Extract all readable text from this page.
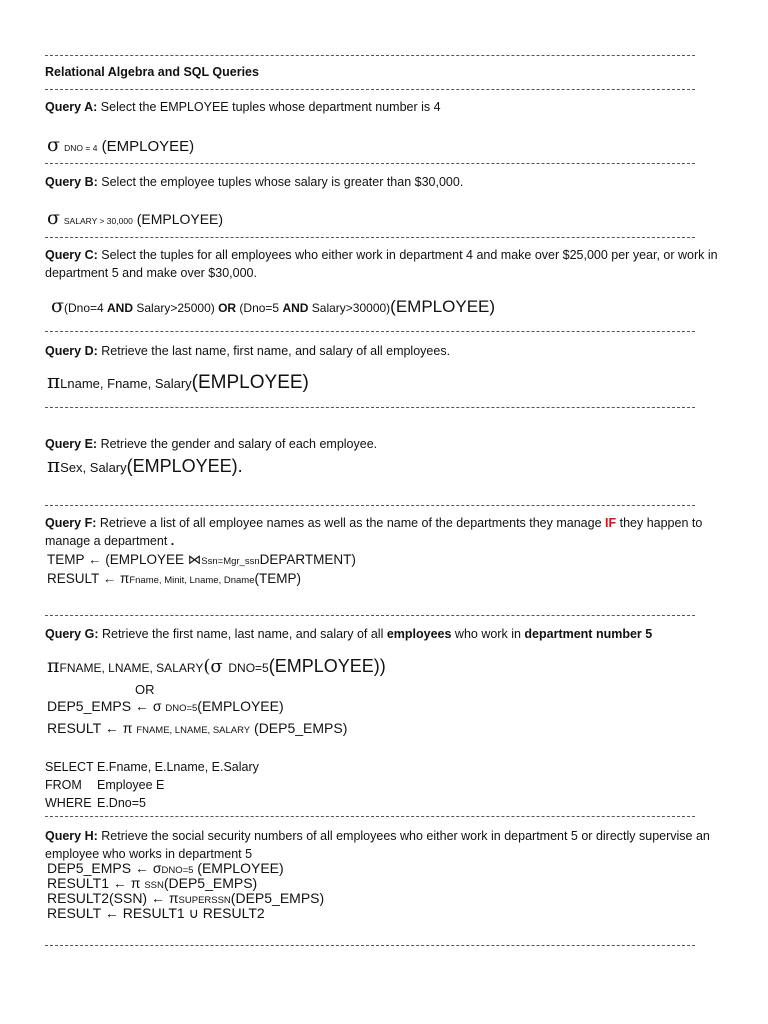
Relational Algebra and SQL Queries
Query A: Select the EMPLOYEE tuples whose department number is 4
σ DNO = 4 (EMPLOYEE)
Query B: Select the employee tuples whose salary is greater than $30,000.
σ SALARY > 30,000 (EMPLOYEE)
Query C: Select the tuples for all employees who either work in department 4 and make over $25,000 per year, or work in department 5 and make over $30,000.
σ(Dno=4 AND Salary>25000) OR (Dno=5 AND Salary>30000)(EMPLOYEE)
Query D: Retrieve the last name, first name, and salary of all employees.
πLname, Fname, Salary(EMPLOYEE)
Query E: Retrieve the gender and salary of each employee.
πSex, Salary(EMPLOYEE).
Query F: Retrieve a list of all employee names as well as the name of the departments they manage IF they happen to manage a department .
TEMP ← (EMPLOYEE ⋈Ssn=Mgr_ssnDEPARTMENT)
RESULT ← πFname, Minit, Lname, Dname(TEMP)
Query G: Retrieve the first name, last name, and salary of all employees who work in department number 5
πFNAME, LNAME, SALARY(σ DNO=5(EMPLOYEE))
OR
DEP5_EMPS ← σ DNO=5(EMPLOYEE)
RESULT ← π FNAME, LNAME, SALARY (DEP5_EMPS)
SELECT E.Fname, E.Lname, E.Salary
FROM Employee E
WHERE E.Dno=5
Query H: Retrieve the social security numbers of all employees who either work in department 5 or directly supervise an employee who works in department 5
DEP5_EMPS ← σDNO=5 (EMPLOYEE)
RESULT1 ← π SSN(DEP5_EMPS)
RESULT2(SSN) ← πSUPERSSN(DEP5_EMPS)
RESULT ← RESULT1 ∪ RESULT2
